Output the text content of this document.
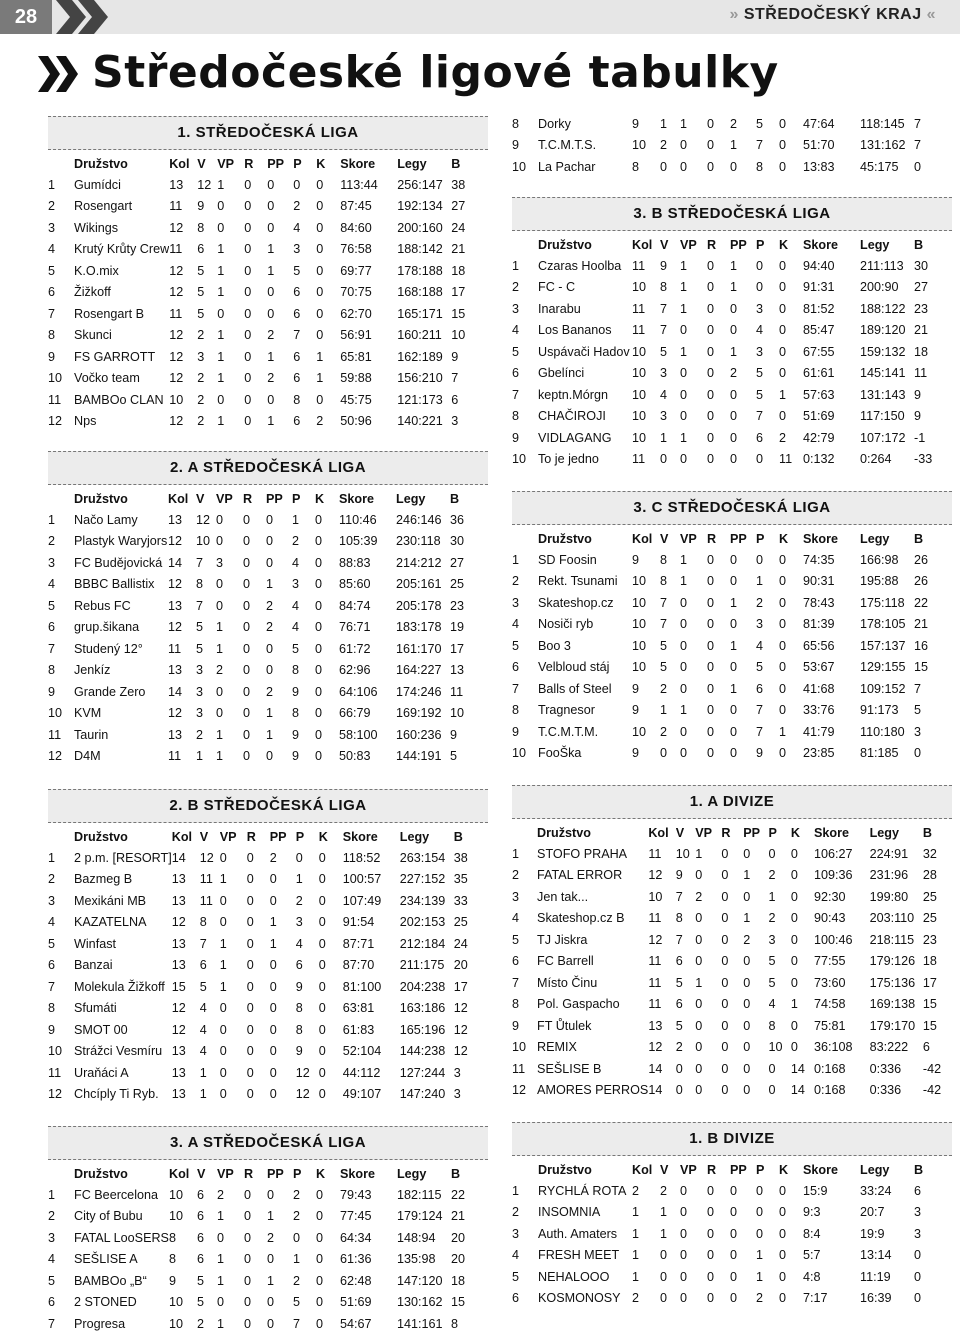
28	» STŘEDOČESKÝ KRAJ «
Středočeské ligové tabulky
1. STŘEDOČESKÁ LIGA
	Družstvo	Kol	V	VP	R	PP	P	K	Skore	Legy	B
1	Gumídci	13	12	1	0	0	0	0	113:44	256:147	38
2	Rosengart	11	9	0	0	0	2	0	87:45	192:134	27
3	Wikings	12	8	0	0	0	4	0	84:60	200:160	24
4	Krutý Krůty Crew	11	6	1	0	1	3	0	76:58	188:142	21
5	K.O.mix	12	5	1	0	1	5	0	69:77	178:188	18
6	Žižkoff	12	5	1	0	0	6	0	70:75	168:188	17
7	Rosengart B	11	5	0	0	0	6	0	62:70	165:171	15
8	Skunci	12	2	1	0	2	7	0	56:91	160:211	10
9	FS GARROTT	12	3	1	0	1	6	1	65:81	162:189	9
10	Vočko team	12	2	1	0	2	6	1	59:88	156:210	7
11	BAMBOo CLAN	10	2	0	0	0	8	0	45:75	121:173	6
12	Nps	12	2	1	0	1	6	2	50:96	140:221	3
2. A STŘEDOČESKÁ LIGA
	Družstvo	Kol	V	VP	R	PP	P	K	Skore	Legy	B
1	Načo Lamy	13	12	0	0	0	1	0	110:46	246:146	36
2	Plastyk Waryjors	12	10	0	0	0	2	0	105:39	230:118	30
3	FC Budějovická	14	7	3	0	0	4	0	88:83	214:212	27
4	BBBC Ballistix	12	8	0	0	1	3	0	85:60	205:161	25
5	Rebus FC	13	7	0	0	2	4	0	84:74	205:178	23
6	grup.šikana	12	5	1	0	2	4	0	76:71	183:178	19
7	Studený 12°	11	5	1	0	0	5	0	61:72	161:170	17
8	Jenkíz	13	3	2	0	0	8	0	62:96	164:227	13
9	Grande Zero	14	3	0	0	2	9	0	64:106	174:246	11
10	KVM	12	3	0	0	1	8	0	66:79	169:192	10
11	Taurin	13	2	1	0	1	9	0	58:100	160:236	9
12	D4M	11	1	1	0	0	9	0	50:83	144:191	5
2. B STŘEDOČESKÁ LIGA
	Družstvo	Kol	V	VP	R	PP	P	K	Skore	Legy	B
1	2 p.m. [RESORT]	14	12	0	0	2	0	0	118:52	263:154	38
2	Bazmeg B	13	11	1	0	0	1	0	100:57	227:152	35
3	Mexikáni MB	13	11	0	0	0	2	0	107:49	234:139	33
4	KAZATELNA	12	8	0	0	1	3	0	91:54	202:153	25
5	Winfast	13	7	1	0	1	4	0	87:71	212:184	24
6	Banzai	13	6	1	0	0	6	0	87:70	211:175	20
7	Molekula Žižkoff	15	5	1	0	0	9	0	81:100	204:238	17
8	Sfumáti	12	4	0	0	0	8	0	63:81	163:186	12
9	SMOT 00	12	4	0	0	0	8	0	61:83	165:196	12
10	Strážci Vesmíru	13	4	0	0	0	9	0	52:104	144:238	12
11	Uraňáci A	13	1	0	0	0	12	0	44:112	127:244	3
12	Chcíply Ti Ryb.	13	1	0	0	0	12	0	49:107	147:240	3
3. A STŘEDOČESKÁ LIGA
	Družstvo	Kol	V	VP	R	PP	P	K	Skore	Legy	B
1	FC Beercelona	10	6	2	0	0	2	0	79:43	182:115	22
2	City of Bubu	10	6	1	0	1	2	0	77:45	179:124	21
3	FATAL LooSERS	8	6	0	0	2	0	0	64:34	148:94	20
4	SEŠLISE A	8	6	1	0	0	1	0	61:36	135:98	20
5	BAMBOo „B“	9	5	1	0	1	2	0	62:48	147:120	18
6	2 STONED	10	5	0	0	0	5	0	51:69	130:162	15
7	Progresa	10	2	1	0	0	7	0	54:67	141:161	8
8	Dorky	9	1	1	0	2	5	0	47:64	118:145	7
9	T.C.M.T.S.	10	2	0	0	1	7	0	51:70	131:162	7
10	La Pachar	8	0	0	0	0	8	0	13:83	45:175	0
3. B STŘEDOČESKÁ LIGA
	Družstvo	Kol	V	VP	R	PP	P	K	Skore	Legy	B
1	Czaras Hoolba	11	9	1	0	1	0	0	94:40	211:113	30
2	FC - C	10	8	1	0	1	0	0	91:31	200:90	27
3	Inarabu	11	7	1	0	0	3	0	81:52	188:122	23
4	Los Bananos	11	7	0	0	0	4	0	85:47	189:120	21
5	Uspávači Hadov	10	5	1	0	1	3	0	67:55	159:132	18
6	Gbelínci	10	3	0	0	2	5	0	61:61	145:141	11
7	keptn.Mórgn	10	4	0	0	0	5	1	57:63	131:143	9
8	CHAČIROJI	10	3	0	0	0	7	0	51:69	117:150	9
9	VIDLAGANG	10	1	1	0	0	6	2	42:79	107:172	-1
10	To je jedno	11	0	0	0	0	0	11	0:132	0:264	-33
3. C STŘEDOČESKÁ LIGA
	Družstvo	Kol	V	VP	R	PP	P	K	Skore	Legy	B
1	SD Foosin	9	8	1	0	0	0	0	74:35	166:98	26
2	Rekt. Tsunami	10	8	1	0	0	1	0	90:31	195:88	26
3	Skateshop.cz	10	7	0	0	1	2	0	78:43	175:118	22
4	Nosiči ryb	10	7	0	0	0	3	0	81:39	178:105	21
5	Boo 3	10	5	0	0	1	4	0	65:56	157:137	16
6	Velbloud stáj	10	5	0	0	0	5	0	53:67	129:155	15
7	Balls of Steel	9	2	0	0	1	6	0	41:68	109:152	7
8	Tragnesor	9	1	1	0	0	7	0	33:76	91:173	5
9	T.C.M.T.M.	10	2	0	0	0	7	1	41:79	110:180	3
10	FooŠka	9	0	0	0	0	9	0	23:85	81:185	0
1. A DIVIZE
	Družstvo	Kol	V	VP	R	PP	P	K	Skore	Legy	B
1	STOFO PRAHA	11	10	1	0	0	0	0	106:27	224:91	32
2	FATAL ERROR	12	9	0	0	1	2	0	109:36	231:96	28
3	Jen tak...	10	7	2	0	0	1	0	92:30	199:80	25
4	Skateshop.cz B	11	8	0	0	1	2	0	90:43	203:110	25
5	TJ Jiskra	12	7	0	0	2	3	0	100:46	218:115	23
6	FC Barrell	11	6	0	0	0	5	0	77:55	179:126	18
7	Místo Činu	11	5	1	0	0	5	0	73:60	175:136	17
8	Pol. Gaspacho	11	6	0	0	0	4	1	74:58	169:138	15
9	FT Ůtulek	13	5	0	0	0	8	0	75:81	179:170	15
10	REMIX	12	2	0	0	0	10	0	36:108	83:222	6
11	SEŠLISE B	14	0	0	0	0	0	14	0:168	0:336	-42
12	AMORES PERROS	14	0	0	0	0	0	14	0:168	0:336	-42
1. B DIVIZE
	Družstvo	Kol	V	VP	R	PP	P	K	Skore	Legy	B
1	RYCHLÁ ROTA	2	2	0	0	0	0	0	15:9	33:24	6
2	INSOMNIA	1	1	0	0	0	0	0	9:3	20:7	3
3	Auth. Amaters	1	1	0	0	0	0	0	8:4	19:9	3
4	FRESH MEET	1	0	0	0	0	1	0	5:7	13:14	0
5	NEHALOOO	1	0	0	0	0	1	0	4:8	11:19	0
6	KOSMONOSY	2	0	0	0	0	2	0	7:17	16:39	0
